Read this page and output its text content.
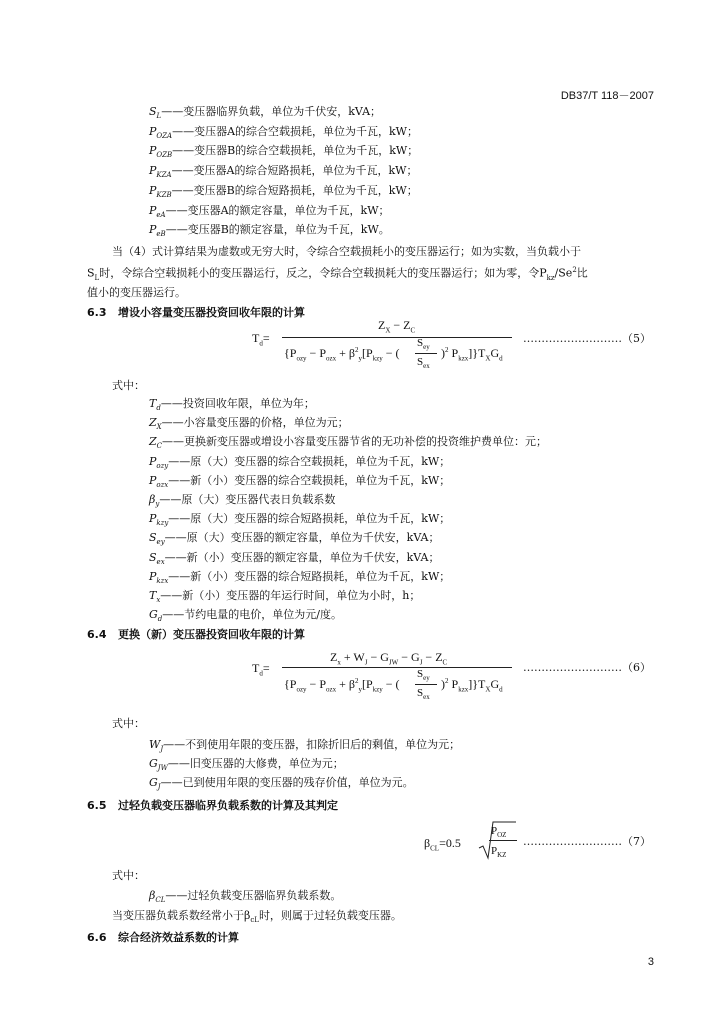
DB37/T 118－2007
$S_L——$变压器临界负载，单位为千伏安，kVA；
$P_{OZA}——$变压器A的综合空载损耗，单位为千瓦，kW；
$P_{OZB}——$变压器B的综合空载损耗，单位为千瓦，kW；
$P_{KZA}——$变压器A的综合短路损耗，单位为千瓦，kW；
$P_{KZB}——$变压器B的综合短路损耗，单位为千瓦，kW；
$P_{eA}——$变压器A的额定容量，单位为千瓦，kW；
$P_{eB}——$变压器B的额定容量，单位为千瓦，kW。
当（4）式计算结果为虚数或无穷大时，令综合空载损耗小的变压器运行；如为实数，当负载小于
$S_L$时，令综合空载损耗小的变压器运行，反之，令综合空载损耗大的变压器运行；如为零，令$P_{kz}/Se^2$比
值小的变压器运行。
6.3 增设小容量变压器投资回收年限的计算
$T_d=$
$Z_X - Z_C$
{$P_{ozy} - P_{ozx} + \beta^2_y[P_{kzy}$ − (	)$^2$ $P_{kzx}]\}T_XG_d$
$S_{ey}$
$S_{ex}$
………………………（5）
式中：
$T_d——$投资回收年限，单位为年；
$Z_X——$小容量变压器的价格，单位为元；
$Z_C——$更换新变压器或增设小容量变压器节省的无功补偿的投资维护费单位：元；
$P_{ozy}——$原（大）变压器的综合空载损耗，单位为千瓦，kW；
$P_{ozx}——$新（小）变压器的综合空载损耗，单位为千瓦，kW；
$\beta_y——$原（大）变压器代表日负载系数
$P_{kzy}——$原（大）变压器的综合短路损耗，单位为千瓦，kW；
$S_{ey}——$原（大）变压器的额定容量，单位为千伏安，kVA；
$S_{ex}——$新（小）变压器的额定容量，单位为千伏安，kVA；
$P_{kzx}——$新（小）变压器的综合短路损耗，单位为千瓦，kW；
$T_x——$新（小）变压器的年运行时间，单位为小时，h；
$G_d——$节约电量的电价，单位为元/度。
6.4 更换（新）变压器投资回收年限的计算
$T_d=$
$Z_x + W_J - G_{JW} - G_J - Z_C$
{$P_{ozy} - P_{ozx} + \beta^2_y[P_{kzy}$ − (	)$^2$ $P_{kzx}]\}T_XG_d$
$S_{ey}$
$S_{ex}$
………………………（6）
式中：
$W_J——$不到使用年限的变压器，扣除折旧后的剩值，单位为元；
$G_{JW}——$旧变压器的大修费，单位为元；
$G_J——$已到使用年限的变压器的残存价值，单位为元。
6.5 过轻负载变压器临界负载系数的计算及其判定
$\beta_{CL}=0.5$
$P_{OZ}$
$P_{KZ}$
………………………（7）
式中：
$\beta_{CL}——$过轻负载变压器临界负载系数。
当变压器负载系数经常小于$\beta_{cL}$时，则属于过轻负载变压器。
6.6 综合经济效益系数的计算
3
